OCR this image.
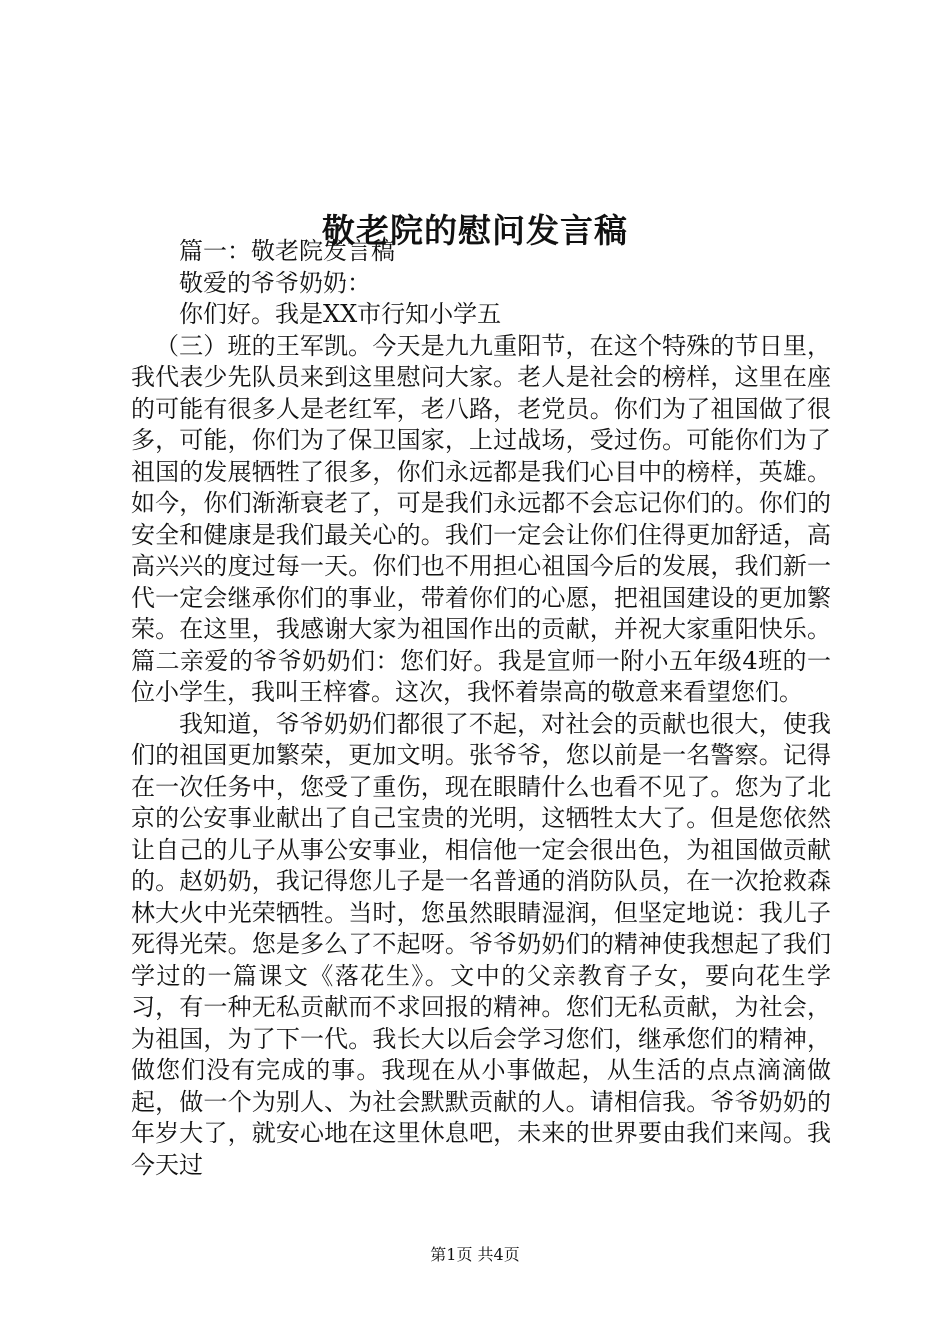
敬老院的慰问发言稿

篇一：敬老院发言稿

敬爱的爷爷奶奶：

你们好。我是XX市行知小学五

（三）班的王军凯。今天是九九重阳节，在这个特殊的节日里，我代表少先队员来到这里慰问大家。老人是社会的榜样，这里在座的可能有很多人是老红军，老八路，老党员。你们为了祖国做了很多，可能，你们为了保卫国家，上过战场，受过伤。可能你们为了祖国的发展牺牲了很多，你们永远都是我们心目中的榜样，英雄。如今，你们渐渐衰老了，可是我们永远都不会忘记你们的。你们的安全和健康是我们最关心的。我们一定会让你们住得更加舒适，高高兴兴的度过每一天。你们也不用担心祖国今后的发展，我们新一代一定会继承你们的事业，带着你们的心愿，把祖国建设的更加繁荣。在这里，我感谢大家为祖国作出的贡献，并祝大家重阳快乐。篇二亲爱的爷爷奶奶们：您们好。我是宣师一附小五年级4班的一位小学生，我叫王梓睿。这次，我怀着崇高的敬意来看望您们。

我知道，爷爷奶奶们都很了不起，对社会的贡献也很大，使我们的祖国更加繁荣，更加文明。张爷爷，您以前是一名警察。记得在一次任务中，您受了重伤，现在眼睛什么也看不见了。您为了北京的公安事业献出了自己宝贵的光明，这牺牲太大了。但是您依然让自己的儿子从事公安事业，相信他一定会很出色，为祖国做贡献的。赵奶奶，我记得您儿子是一名普通的消防队员，在一次抢救森林大火中光荣牺牲。当时，您虽然眼睛湿润，但坚定地说：我儿子死得光荣。您是多么了不起呀。爷爷奶奶们的精神使我想起了我们学过的一篇课文《落花生》。文中的父亲教育子女，要向花生学习，有一种无私贡献而不求回报的精神。您们无私贡献，为社会，为祖国，为了下一代。我长大以后会学习您们，继承您们的精神，做您们没有完成的事。我现在从小事做起，从生活的点点滴滴做起，做一个为别人、为社会默默贡献的人。请相信我。爷爷奶奶的年岁大了，就安心地在这里休息吧，未来的世界要由我们来闯。我今天过

第1页 共4页
